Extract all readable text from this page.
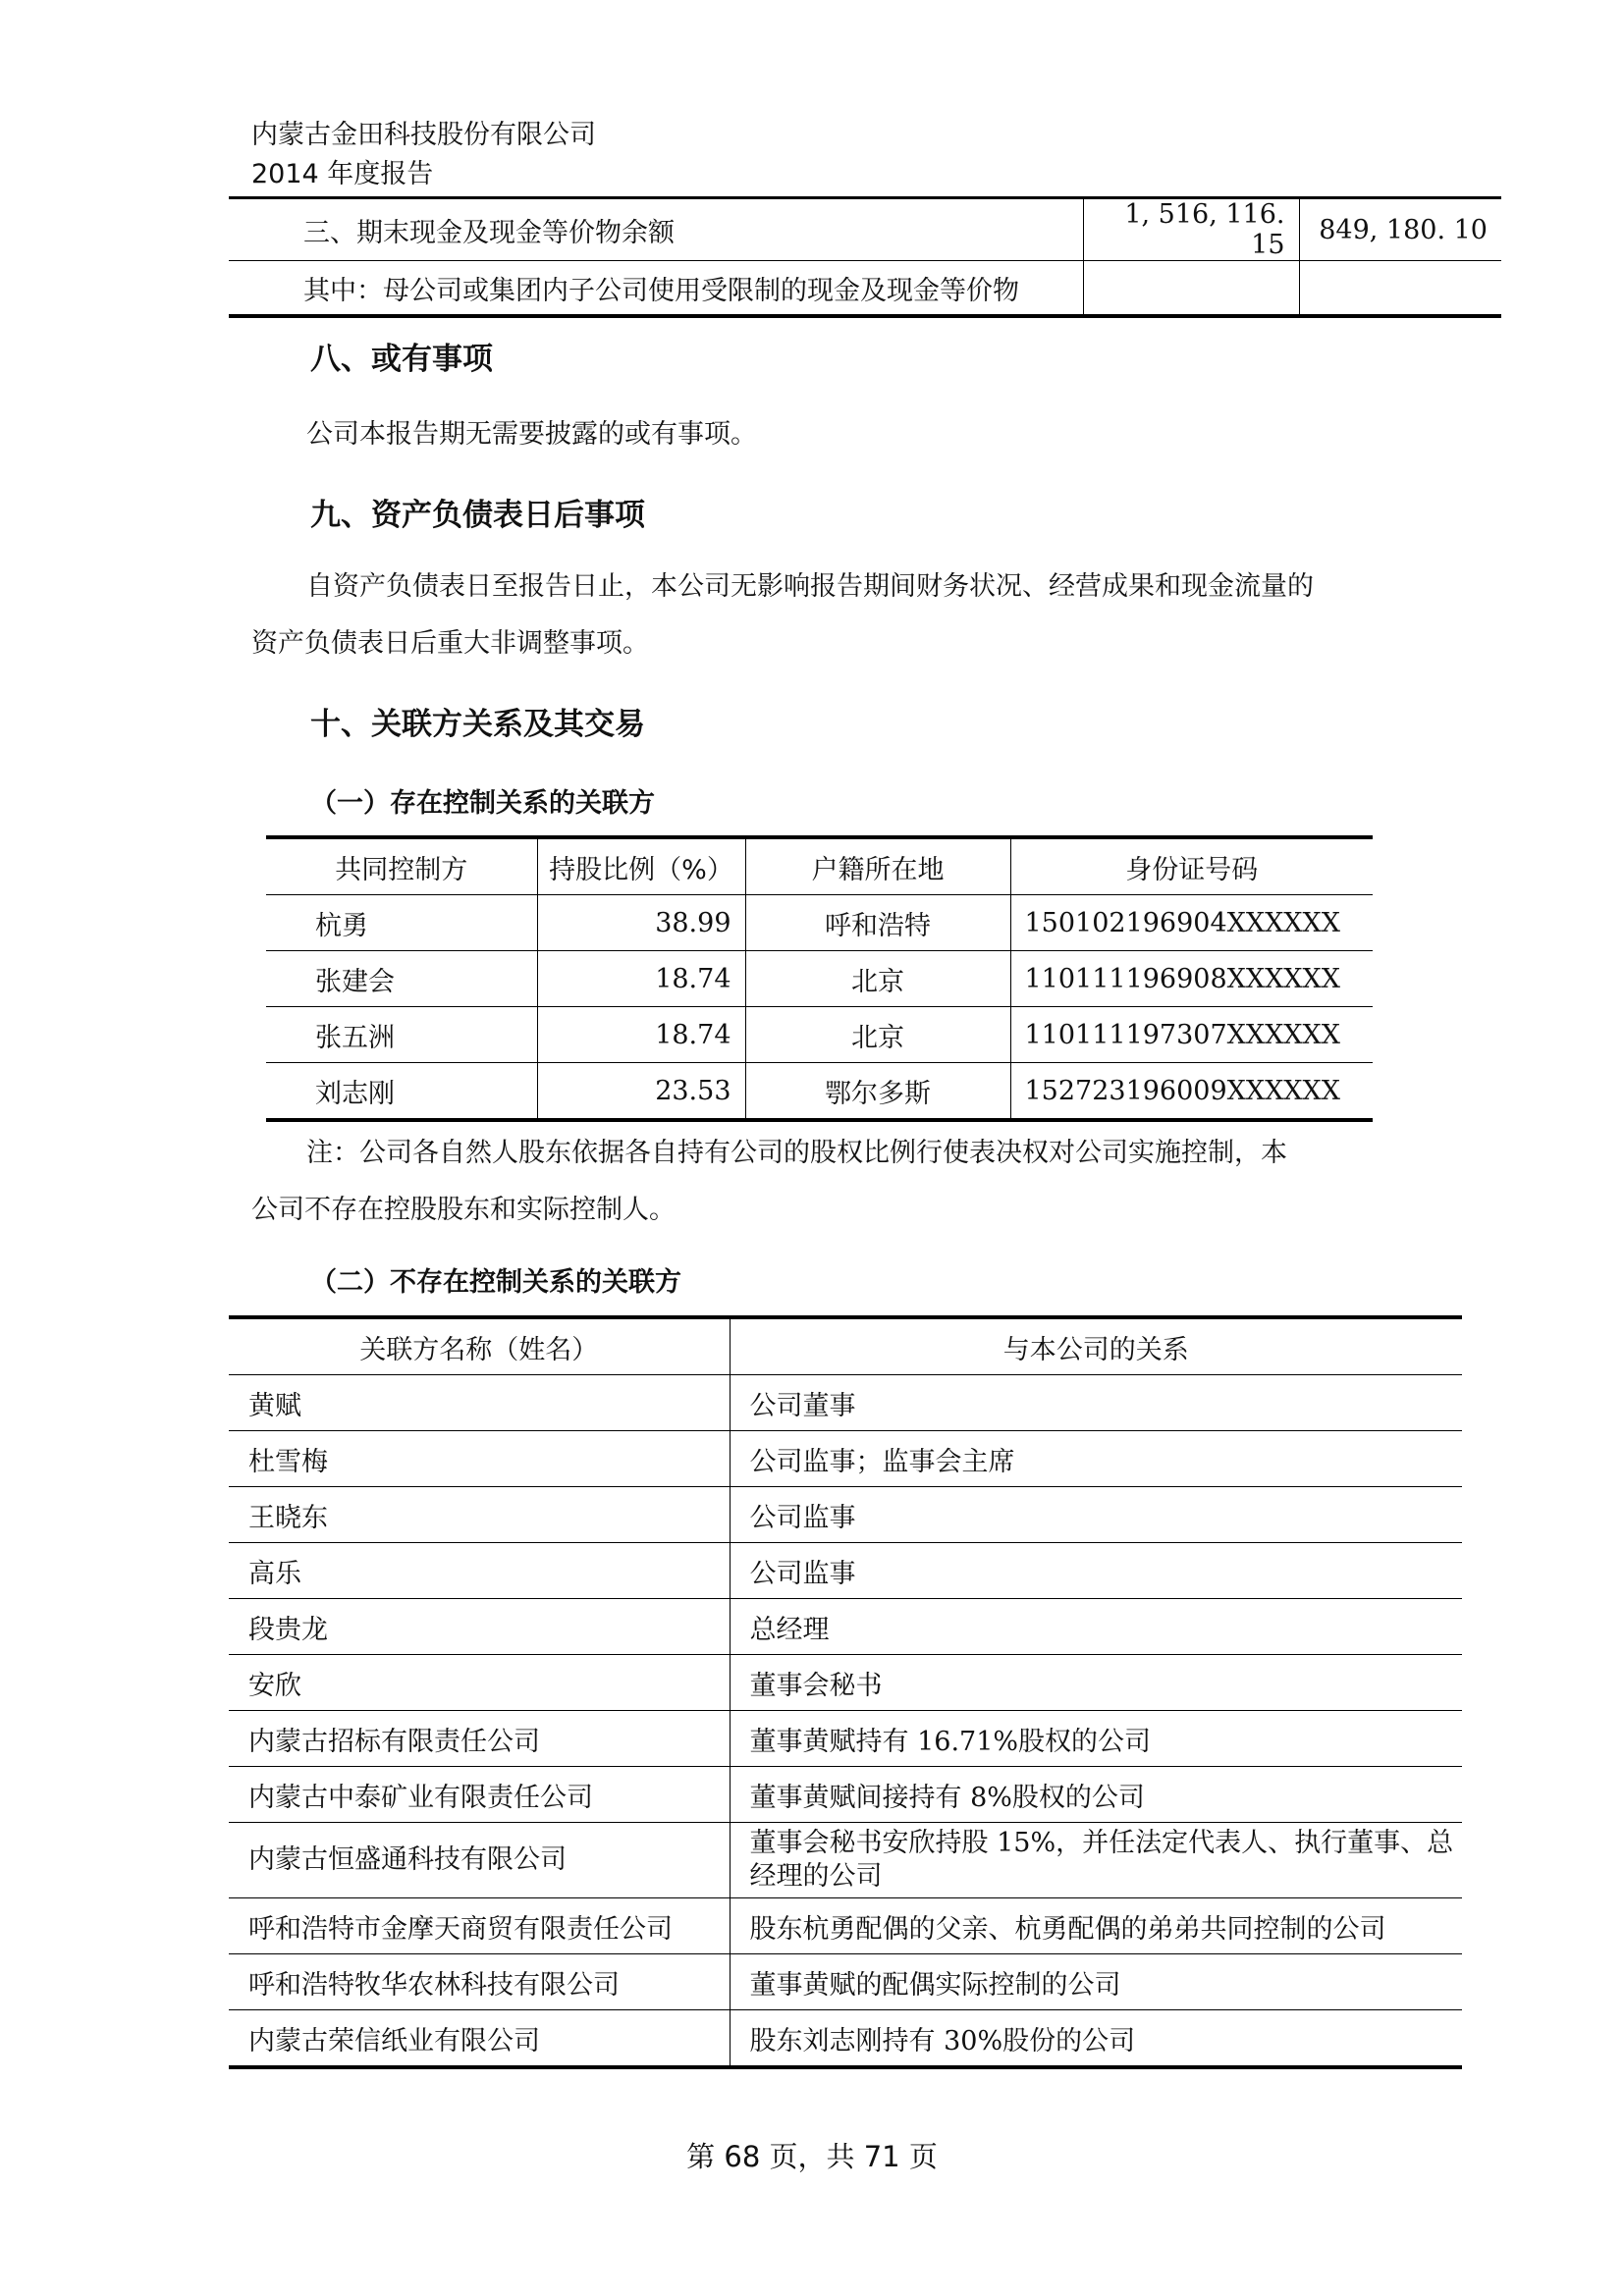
内蒙古金田科技股份有限公司
2014 年度报告
三、期末现金及现金等价物余额	1, 516, 116. 15	849, 180. 10
其中：母公司或集团内子公司使用受限制的现金及现金等价物		
八、或有事项
公司本报告期无需要披露的或有事项。
九、资产负债表日后事项
自资产负债表日至报告日止，本公司无影响报告期间财务状况、经营成果和现金流量的
资产负债表日后重大非调整事项。
十、关联方关系及其交易
（一）存在控制关系的关联方
共同控制方	持股比例（%）	户籍所在地	身份证号码
杭勇	38.99	呼和浩特	150102196904XXXXXX
张建会	18.74	北京	110111196908XXXXXX
张五洲	18.74	北京	110111197307XXXXXX
刘志刚	23.53	鄂尔多斯	152723196009XXXXXX
注：公司各自然人股东依据各自持有公司的股权比例行使表决权对公司实施控制，本
公司不存在控股股东和实际控制人。
（二）不存在控制关系的关联方
关联方名称（姓名）	与本公司的关系
黄赋	公司董事
杜雪梅	公司监事；监事会主席
王晓东	公司监事
高乐	公司监事
段贵龙	总经理
安欣	董事会秘书
内蒙古招标有限责任公司	董事黄赋持有 16.71%股权的公司
内蒙古中泰矿业有限责任公司	董事黄赋间接持有 8%股权的公司
内蒙古恒盛通科技有限公司	董事会秘书安欣持股 15%，并任法定代表人、执行董事、总经理的公司
呼和浩特市金摩天商贸有限责任公司	股东杭勇配偶的父亲、杭勇配偶的弟弟共同控制的公司
呼和浩特牧华农林科技有限公司	董事黄赋的配偶实际控制的公司
内蒙古荣信纸业有限公司	股东刘志刚持有 30%股份的公司
第 68 页，共 71 页
